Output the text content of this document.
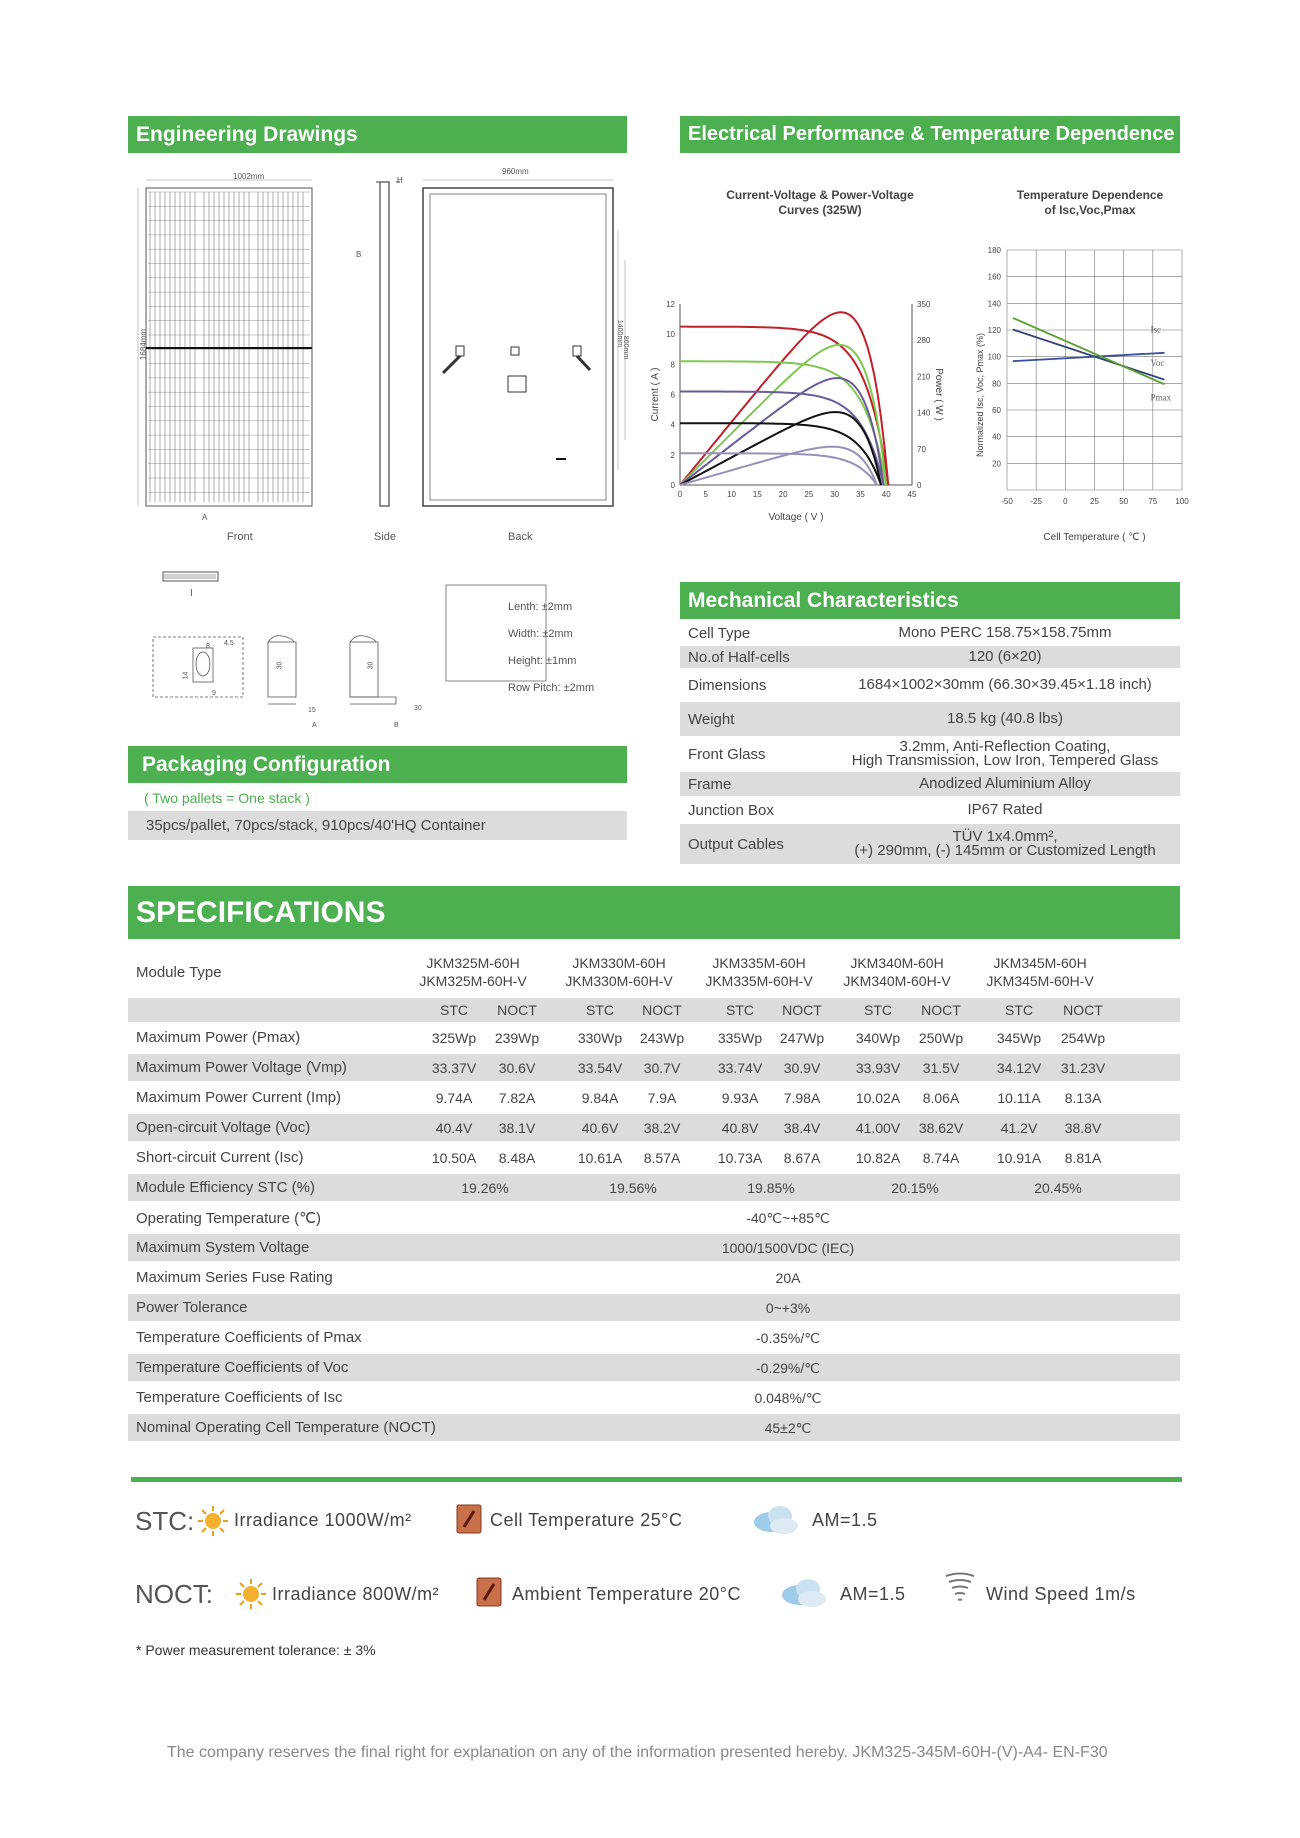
Engineering Drawings	Electrical Performance & Temperature Dependence
1002mm
960mm
1684mm
H
B
A
1400mm
860mm
Front	Side	Back
I
A	B
4.5
8
14
9
30
15
30
30
Lenth: ±2mm
Width: ±2mm
Height: ±1mm
Row Pitch: ±2mm
Current-Voltage & Power-Voltage
Curves (325W)
Temperature Dependence
of Isc,Voc,Pmax
0	5 10 15 20 25 30 35 40 45
0
2
4
6
8
10
12
0
70
140
210
280
350
Voltage ( V )
Current ( A )	Power ( W )
-50 -25	0	25	50	75 100
20
40
60
80
100
120
140
160
180
Cell Temperature ( ℃ )
Normalized Isc, Voc, Pmax (%)
Isc
Voc
Pmax
Mechanical Characteristics
Cell Type	Mono PERC 158.75×158.75mm
No.of Half-cells	120 (6×20)
Dimensions	1684×1002×30mm (66.30×39.45×1.18 inch)
Weight	18.5 kg (40.8 lbs)
Front Glass	3.2mm, Anti-Reflection Coating,
High Transmission, Low Iron, Tempered Glass
Frame	Anodized Aluminium Alloy
Junction Box	IP67 Rated
Output Cables	TÜV 1x4.0mm²,
(+) 290mm, (-) 145mm or Customized Length
Packaging Configuration
( Two pallets = One stack )
35pcs/pallet, 70pcs/stack, 910pcs/40'HQ Container
SPECIFICATIONS
Module Type
JKM325M-60H
JKM325M-60H-V
JKM330M-60H
JKM330M-60H-V
JKM335M-60H
JKM335M-60H-V
JKM340M-60H
JKM340M-60H-V
JKM345M-60H
JKM345M-60H-V
STC	NOCT	STC	NOCT	STC	NOCT	STC	NOCT	STC	NOCT
Maximum Power (Pmax)	325Wp	239Wp	330Wp	243Wp	335Wp	247Wp	340Wp	250Wp	345Wp	254Wp
Maximum Power Voltage (Vmp)	33.37V	30.6V	33.54V	30.7V	33.74V	30.9V	33.93V	31.5V	34.12V	31.23V
Maximum Power Current (Imp)	9.74A	7.82A	9.84A	7.9A	9.93A	7.98A	10.02A	8.06A	10.11A	8.13A
Open-circuit Voltage (Voc)	40.4V	38.1V	40.6V	38.2V	40.8V	38.4V	41.00V	38.62V	41.2V	38.8V
Short-circuit Current (Isc)	10.50A	8.48A	10.61A	8.57A	10.73A	8.67A	10.82A	8.74A	10.91A	8.81A
Module Efficiency STC (%)	19.26%	19.56%	19.85%	20.15%	20.45%
Operating Temperature (℃)	-40℃~+85℃
Maximum System Voltage	1000/1500VDC (IEC)
Maximum Series Fuse Rating	20A
Power Tolerance	0~+3%
Temperature Coefficients of Pmax	-0.35%/℃
Temperature Coefficients of Voc	-0.29%/℃
Temperature Coefficients of Isc	0.048%/℃
Nominal Operating Cell Temperature (NOCT)	45±2℃
STC: Irradiance 1000W/m²	Cell Temperature 25°C	AM=1.5
NOCT:	Irradiance 800W/m²	Ambient Temperature 20°C	AM=1.5	Wind Speed 1m/s
* Power measurement tolerance: ± 3%
The company reserves the final right for explanation on any of the information presented hereby. JKM325-345M-60H-(V)-A4- EN-F30
